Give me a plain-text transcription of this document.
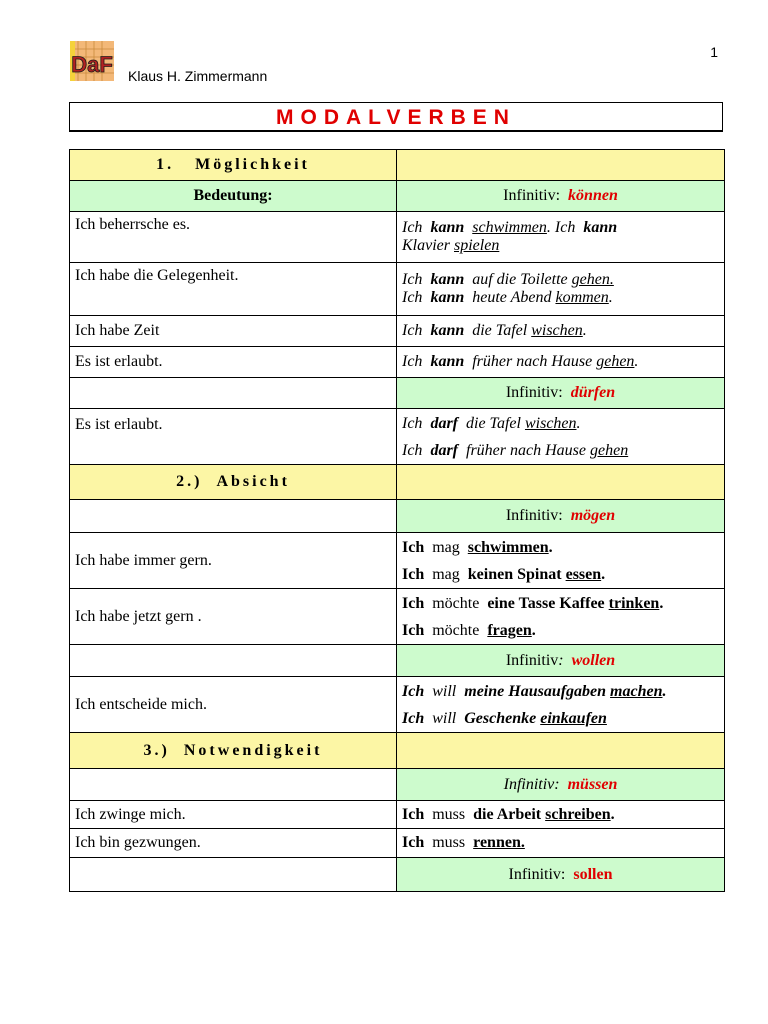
1
DaF Klaus H. Zimmermann
MODALVERBEN
1.   Möglichkeit	
Bedeutung:	Infinitiv: können
Ich beherrsche es.	Ich kann schwimmen. Ich kann
Klavier spielen
Ich habe die Gelegenheit.	Ich kann auf die Toilette gehen.
Ich kann heute Abend kommen.
Ich habe Zeit	Ich kann die Tafel wischen.
Es ist erlaubt.	Ich kann früher nach Hause gehen.
	Infinitiv: dürfen
Es ist erlaubt.	Ich darf die Tafel wischen.
Ich darf früher nach Hause gehen
2.)  Absicht	
	Infinitiv: mögen
Ich habe immer gern.	Ich mag schwimmen.
Ich mag keinen Spinat essen.
Ich habe jetzt gern .	Ich möchte eine Tasse Kaffee trinken.
Ich möchte fragen.
	Infinitiv: wollen
Ich entscheide mich.	Ich will meine Hausaufgaben machen.
Ich will Geschenke einkaufen
3.)  Notwendigkeit	
	Infinitiv: müssen
Ich zwinge mich.	Ich muss die Arbeit schreiben.
Ich bin gezwungen.	Ich muss rennen.
	Infinitiv: sollen
